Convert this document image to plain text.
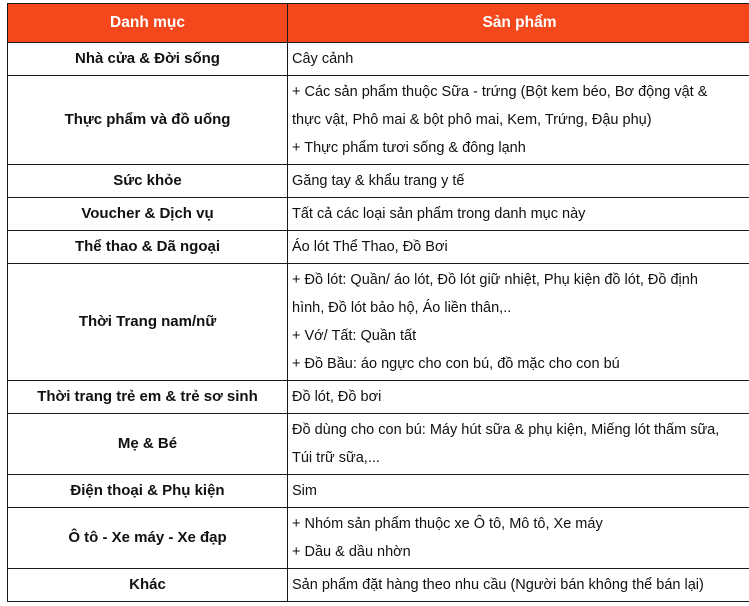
Danh mục	Sản phẩm
Nhà cửa & Đời sống	Cây cảnh

Thực phẩm và đồ uống	+ Các sản phẩm thuộc Sữa - trứng (Bột kem béo, Bơ động vật &
thực vật, Phô mai & bột phô mai, Kem, Trứng, Đậu phụ)
+ Thực phẩm tươi sống & đông lạnh

Sức khỏe	Găng tay & khẩu trang y tế

Voucher & Dịch vụ	Tất cả các loại sản phẩm trong danh mục này

Thể thao & Dã ngoại	Áo lót Thể Thao, Đồ Bơi

Thời Trang nam/nữ	+ Đồ lót: Quần/ áo lót, Đồ lót giữ nhiệt, Phụ kiện đồ lót, Đồ định
hình, Đồ lót bảo hộ, Áo liền thân,..
+ Vớ/ Tất: Quần tất
+ Đồ Bầu: áo ngực cho con bú, đồ mặc cho con bú

Thời trang trẻ em & trẻ sơ sinh	Đồ lót, Đồ bơi

Mẹ & Bé	Đồ dùng cho con bú: Máy hút sữa & phụ kiện, Miếng lót thấm sữa,
Túi trữ sữa,...

Điện thoại & Phụ kiện	Sim

Ô tô - Xe máy - Xe đạp	+ Nhóm sản phẩm thuộc xe Ô tô, Mô tô, Xe máy
+ Dầu & dầu nhờn

Khác	Sản phẩm đặt hàng theo nhu cầu (Người bán không thể bán lại)
